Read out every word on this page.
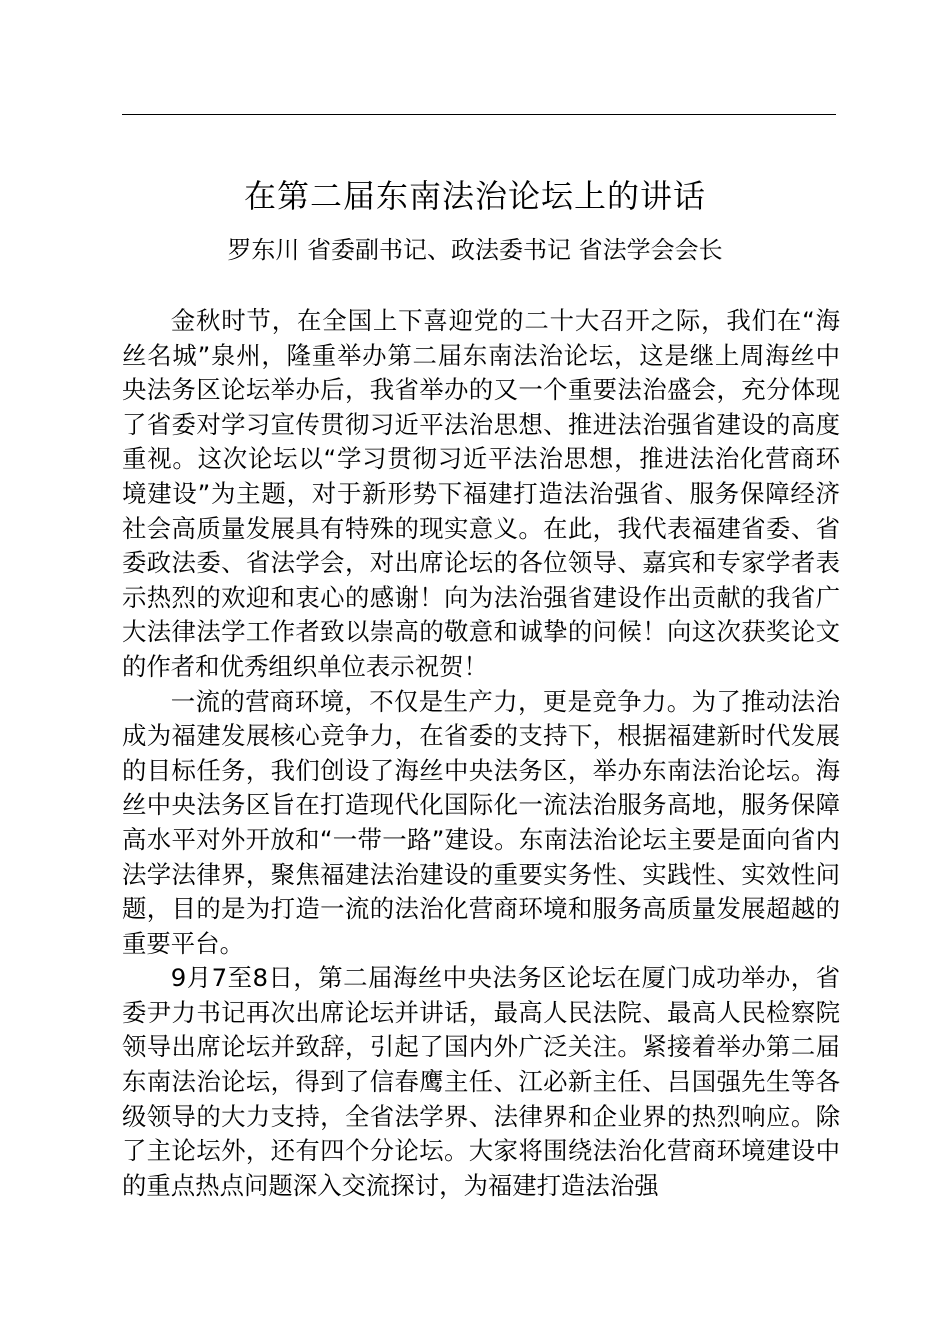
在第二届东南法治论坛上的讲话
罗东川 省委副书记、政法委书记 省法学会会长

金秋时节，在全国上下喜迎党的二十大召开之际，我们在“海丝名城”泉州，隆重举办第二届东南法治论坛，这是继上周海丝中央法务区论坛举办后，我省举办的又一个重要法治盛会，充分体现了省委对学习宣传贯彻习近平法治思想、推进法治强省建设的高度重视。这次论坛以“学习贯彻习近平法治思想，推进法治化营商环境建设”为主题，对于新形势下福建打造法治强省、服务保障经济社会高质量发展具有特殊的现实意义。在此，我代表福建省委、省委政法委、省法学会，对出席论坛的各位领导、嘉宾和专家学者表示热烈的欢迎和衷心的感谢！向为法治强省建设作出贡献的我省广大法律法学工作者致以崇高的敬意和诚挚的问候！向这次获奖论文的作者和优秀组织单位表示祝贺！

一流的营商环境，不仅是生产力，更是竞争力。为了推动法治成为福建发展核心竞争力，在省委的支持下，根据福建新时代发展的目标任务，我们创设了海丝中央法务区，举办东南法治论坛。海丝中央法务区旨在打造现代化国际化一流法治服务高地，服务保障高水平对外开放和“一带一路”建设。东南法治论坛主要是面向省内法学法律界，聚焦福建法治建设的重要实务性、实践性、实效性问题，目的是为打造一流的法治化营商环境和服务高质量发展超越的重要平台。

9月7至8日，第二届海丝中央法务区论坛在厦门成功举办，省委尹力书记再次出席论坛并讲话，最高人民法院、最高人民检察院领导出席论坛并致辞，引起了国内外广泛关注。紧接着举办第二届东南法治论坛，得到了信春鹰主任、江必新主任、吕国强先生等各级领导的大力支持，全省法学界、法律界和企业界的热烈响应。除了主论坛外，还有四个分论坛。大家将围绕法治化营商环境建设中的重点热点问题深入交流探讨，为福建打造法治强
